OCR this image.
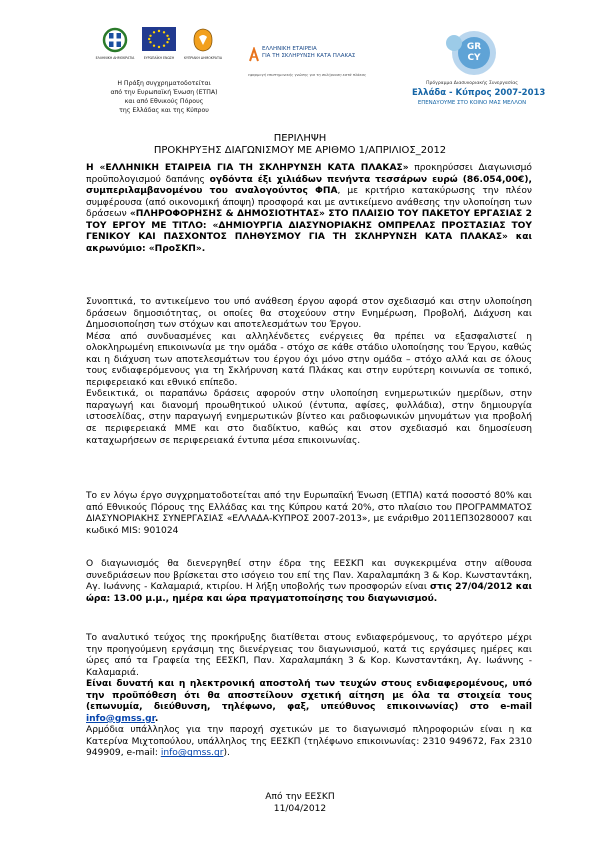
ΕΛΛΗΝΙΚΗ ΔΗΜΟΚΡΑΤΙΑ	ΕΥΡΩΠΑΪΚΗ ΕΝΩΣΗ	ΚΥΠΡΙΑΚΗ ΔΗΜΟΚΡΑΤΙΑ
Η Πράξη συγχρηματοδοτείται
από την Ευρωπαϊκή Ένωση (ΕΤΠΑ)
και από Εθνικούς Πόρους
της Ελλάδας και της Κύπρου
ΕΛΛΗΝΙΚΗ ΕΤΑΙΡΕΙΑ
ΓΙΑ ΤΗ ΣΚΛΗΡΥΝΣΗ ΚΑΤΑ ΠΛΑΚΑΣ
εφαρμογή επιστημονικής γνώσης για τη σκλήρυνση κατά πλάκας
GR
CY
Πρόγραμμα Διασυνοριακής Συνεργασίας
Ελλάδα - Κύπρος 2007-2013
ΕΠΕΝΔΥΟΥΜΕ ΣΤΟ ΚΟΙΝΟ ΜΑΣ ΜΕΛΛΟΝ
ΠΕΡΙΛΗΨΗ
ΠΡΟΚΗΡΥΞΗΣ ΔΙΑΓΩΝΙΣΜΟΥ ΜΕ ΑΡΙΘΜΟ 1/ΑΠΡΙΛΙΟΣ_2012

Η «ΕΛΛΗΝΙΚΗ ΕΤΑΙΡΕΙΑ ΓΙΑ ΤΗ ΣΚΛΗΡΥΝΣΗ ΚΑΤΑ ΠΛΑΚΑΣ» προκηρύσσει Διαγωνισμό προϋπολογισμού δαπάνης ογδόντα έξι χιλιάδων πενήντα τεσσάρων ευρώ (86.054,00€), συμπεριλαμβανομένου του αναλογούντος ΦΠΑ, με κριτήριο κατακύρωσης την πλέον συμφέρουσα (από οικονομική άποψη) προσφορά και με αντικείμενο ανάθεσης την υλοποίηση των δράσεων «ΠΛΗΡΟΦΟΡΗΣΗΣ & ΔΗΜΟΣΙΟΤΗΤΑΣ» ΣΤΟ ΠΛΑΙΣΙΟ ΤΟΥ ΠΑΚΕΤΟΥ ΕΡΓΑΣΙΑΣ 2 ΤΟΥ ΕΡΓΟΥ ΜΕ ΤΙΤΛΟ: «ΔΗΜΙΟΥΡΓΙΑ ΔΙΑΣΥΝΟΡΙΑΚΗΣ ΟΜΠΡΕΛΑΣ ΠΡΟΣΤΑΣΙΑΣ ΤΟΥ ΓΕΝΙΚΟΥ ΚΑΙ ΠΑΣΧΟΝΤΟΣ ΠΛΗΘΥΣΜΟΥ ΓΙΑ ΤΗ ΣΚΛΗΡΥΝΣΗ ΚΑΤΑ ΠΛΑΚΑΣ» και ακρωνύμιο: «ΠροΣΚΠ».

Συνοπτικά, το αντικείμενο του υπό ανάθεση έργου αφορά στον σχεδιασμό και στην υλοποίηση δράσεων δημοσιότητας, οι οποίες θα στοχεύουν στην Ενημέρωση, Προβολή, Διάχυση και Δημοσιοποίηση των στόχων και αποτελεσμάτων του Έργου.

Μέσα από συνδυασμένες και αλληλένδετες ενέργειες θα πρέπει να εξασφαλιστεί η ολοκληρωμένη επικοινωνία με την ομάδα - στόχο σε κάθε στάδιο υλοποίησης του Έργου, καθώς και η διάχυση των αποτελεσμάτων του έργου όχι μόνο στην ομάδα – στόχο αλλά και σε όλους τους ενδιαφερόμενους για τη Σκλήρυνση κατά Πλάκας και στην ευρύτερη κοινωνία σε τοπικό, περιφερειακό και εθνικό επίπεδο.

Ενδεικτικά, οι παραπάνω δράσεις αφορούν στην υλοποίηση ενημερωτικών ημερίδων, στην παραγωγή και διανομή προωθητικού υλικού (έντυπα, αφίσες, φυλλάδια), στην δημιουργία ιστοσελίδας, στην παραγωγή ενημερωτικών βίντεο και ραδιοφωνικών μηνυμάτων για προβολή σε περιφερειακά ΜΜΕ και στο διαδίκτυο, καθώς και στον σχεδιασμό και δημοσίευση καταχωρήσεων σε περιφερειακά έντυπα μέσα επικοινωνίας.

Το εν λόγω έργο συγχρηματοδοτείται από την Ευρωπαϊκή Ένωση (ΕΤΠΑ) κατά ποσοστό 80% και από Εθνικούς Πόρους της Ελλάδας και της Κύπρου κατά 20%, στο πλαίσιο του ΠΡΟΓΡΑΜΜΑΤΟΣ ΔΙΑΣΥΝΟΡΙΑΚΗΣ ΣΥΝΕΡΓΑΣΙΑΣ «ΕΛΛΑΔΑ-ΚΥΠΡΟΣ 2007-2013», με ενάριθμο 2011ΕΠ30280007 και κωδικό MIS: 901024

Ο διαγωνισμός θα διενεργηθεί στην έδρα της ΕΕΣΚΠ και συγκεκριμένα στην αίθουσα συνεδριάσεων που βρίσκεται στο ισόγειο του επί της Παν. Χαραλαμπάκη 3 & Κορ. Κωνσταντάκη, Αγ. Ιωάννης - Καλαμαριά, κτιρίου. Η λήξη υποβολής των προσφορών είναι στις 27/04/2012 και ώρα: 13.00 μ.μ., ημέρα και ώρα πραγματοποίησης του διαγωνισμού.

Το αναλυτικό τεύχος της προκήρυξης διατίθεται στους ενδιαφερόμενους, το αργότερο μέχρι την προηγούμενη εργάσιμη της διενέργειας του διαγωνισμού, κατά τις εργάσιμες ημέρες και ώρες από τα Γραφεία της ΕΕΣΚΠ, Παν. Χαραλαμπάκη 3 & Κορ. Κωνσταντάκη, Αγ. Ιωάννης - Καλαμαριά.

Είναι δυνατή και η ηλεκτρονική αποστολή των τευχών στους ενδιαφερομένους, υπό την προϋπόθεση ότι θα αποστείλουν σχετική αίτηση με όλα τα στοιχεία τους (επωνυμία, διεύθυνση, τηλέφωνο, φαξ, υπεύθυνος επικοινωνίας) στο e-mail info@gmss.gr.

Αρμόδια υπάλληλος για την παροχή σχετικών με το διαγωνισμό πληροφοριών είναι η κα Κατερίνα Μιχτοπούλου, υπάλληλος της ΕΕΣΚΠ (τηλέφωνο επικοινωνίας: 2310 949672, Fax 2310 949909, e-mail: info@gmss.gr).

Από την ΕΕΣΚΠ
11/04/2012
